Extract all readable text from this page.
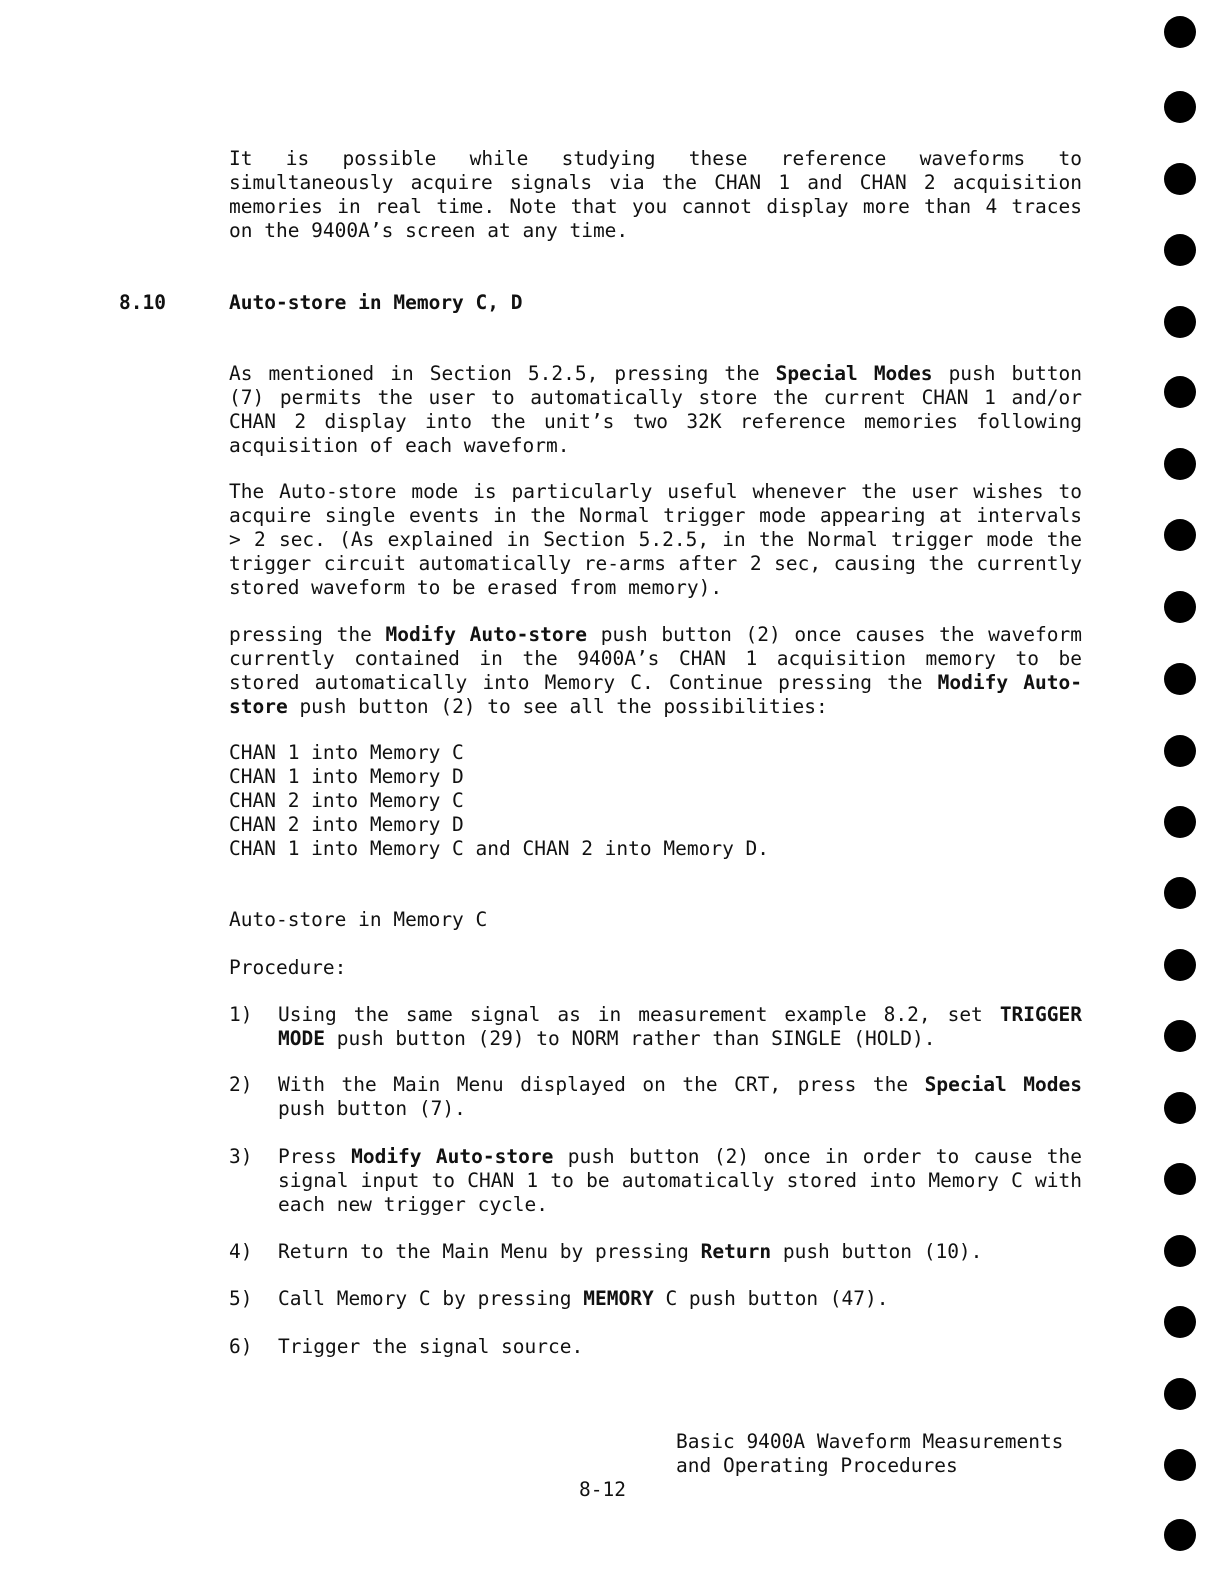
It is possible while studying these reference waveforms to simultaneously acquire signals via the CHAN 1 and CHAN 2 acquisition memories in real time. Note that you cannot display more than 4 traces on the 9400A’s screen at any time.

8.10	Auto-store in Memory C, D

As mentioned in Section 5.2.5, pressing the Special Modes push button (7) permits the user to automatically store the current CHAN 1 and/or CHAN 2 display into the unit’s two 32K reference memories following acquisition of each waveform.

The Auto-store mode is particularly useful whenever the user wishes to acquire single events in the Normal trigger mode appearing at intervals > 2 sec. (As explained in Section 5.2.5, in the Normal trigger mode the trigger circuit automatically re-arms after 2 sec, causing the currently stored waveform to be erased from memory).

pressing the Modify Auto-store push button (2) once causes the waveform currently contained in the 9400A’s CHAN 1 acquisition memory to be stored automatically into Memory C. Continue pressing the Modify Auto-store push button (2) to see all the possibilities:

CHAN 1 into Memory C
CHAN 1 into Memory D
CHAN 2 into Memory C
CHAN 2 into Memory D
CHAN 1 into Memory C and CHAN 2 into Memory D.
Auto-store in Memory C
Procedure:
1) Using the same signal as in measurement example 8.2, set TRIGGER MODE push button (29) to NORM rather than SINGLE (HOLD).
2) With the Main Menu displayed on the CRT, press the Special Modes push button (7).
3) Press Modify Auto-store push button (2) once in order to cause the signal input to CHAN 1 to be automatically stored into Memory C with each new trigger cycle.
4) Return to the Main Menu by pressing Return push button (10).
5) Call Memory C by pressing MEMORY C push button (47).
6) Trigger the signal source.
Basic 9400A Waveform Measurements
and Operating Procedures
8-12
